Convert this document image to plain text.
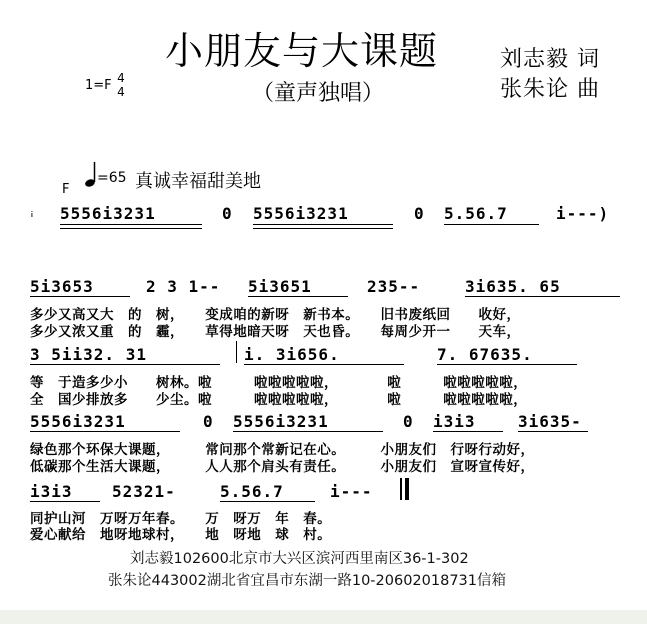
小朋友与大课题
（童声独唱）
刘志毅 词
张朱论 曲
1=F 4
4
=65 真诚幸福甜美地
F
ꜟ 5556i3231	0 5556i3231	0 5.56.7	i---)
5i3653	2 3 1-- 5i3651	235--	3i635. 65
多少又高又大　的　树，　　变成咱的新呀　新书本。　　旧书废纸回　　收好，
多少又浓又重　的　霾，　　草得地暗天呀　天也昏。　　每周少开一　　天车，
3 5ii32. 31	i. 3i656.	7. 67635.
等　于造多少小　　树林。啦　　　啦啦啦啦啦，　　　　啦　　　啦啦啦啦啦，
全　国少排放多　　少尘。啦　　　啦啦啦啦啦，　　　　啦　　　啦啦啦啦啦，
5556i3231	0 5556i3231	0 i3i3	3i635-
绿色那个环保大课题，　　　常问那个常新记在心。　　　小朋友们　行呀行动好，
低碳那个生活大课题，　　　人人那个肩头有责任。　　　小朋友们　宣呀宣传好，
i3i3 52321-	5.56.7	i---
同护山河　万呀万年春。　　万　呀万　年　春。
爱心献给　地呀地球村，　　地　呀地　球　村。
刘志毅102600北京市大兴区滨河西里南区36-1-302
张朱论443002湖北省宜昌市东湖一路10-20602018731信箱
